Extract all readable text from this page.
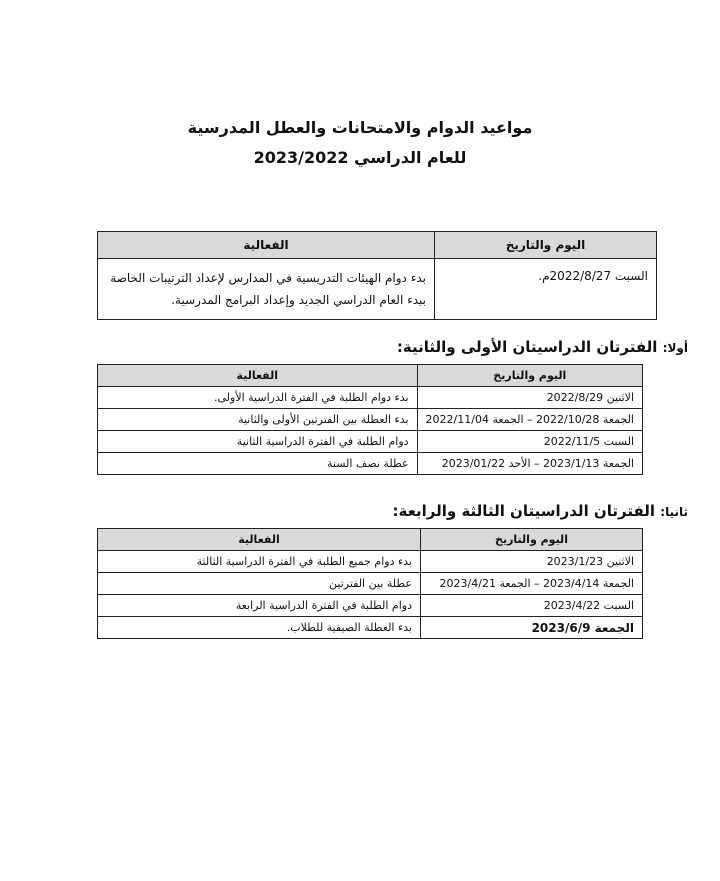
مواعيد الدوام والامتحانات والعطل المدرسية
للعام الدراسي 2023/2022
اليوم والتاريخ	الفعالية
السبت 2022/8/27م.	بدء دوام الهيئات التدريسية في المدارس لإعداد الترتيبات الخاصة ببدء العام الدراسي الجديد وإعداد البرامج المدرسية.
أولا: الفترتان الدراسيتان الأولى والثانية:
اليوم والتاريخ	الفعالية
الاثنين 2022/8/29	بدء دوام الطلبة في الفترة الدراسية الأولى.
الجمعة 2022/10/28 – الجمعة 2022/11/04	بدء العطلة بين الفترتين الأولى والثانية
السبت 2022/11/5	دوام الطلبة في الفترة الدراسية الثانية
الجمعة 2023/1/13 – الأحد 2023/01/22	عطلة نصف السنة
ثانيا: الفترتان الدراسيتان الثالثة والرابعة:
اليوم والتاريخ	الفعالية
الاثنين 2023/1/23	بدء دوام جميع الطلبة في الفترة الدراسية الثالثة
الجمعة 2023/4/14 – الجمعة 2023/4/21	عطلة بين الفترتين
السبت 2023/4/22	دوام الطلبة في الفترة الدراسية الرابعة
الجمعة 2023/6/9	بدء العطلة الصيفية للطلاب.
